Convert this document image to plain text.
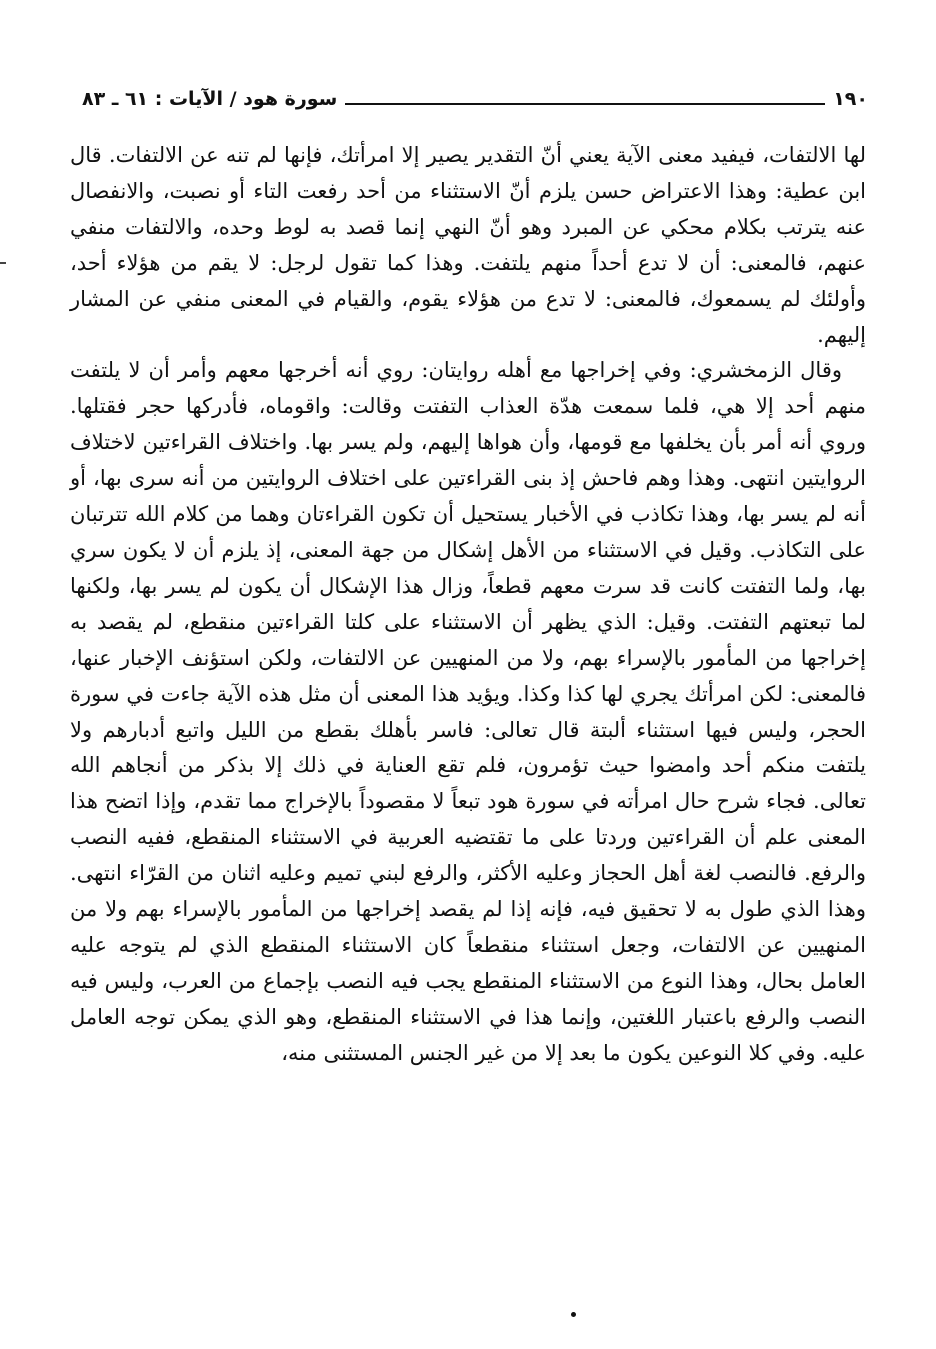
١٩٠
سورة هود / الآيات : ٦١ ـ ٨٣

لها الالتفات، فيفيد معنى الآية يعني أنّ التقدير يصير إلا امرأتك، فإنها لم تنه عن الالتفات. قال ابن عطية: وهذا الاعتراض حسن يلزم أنّ الاستثناء من أحد رفعت التاء أو نصبت، والانفصال عنه يترتب بكلام محكي عن المبرد وهو أنّ النهي إنما قصد به لوط وحده، والالتفات منفي عنهم، فالمعنى: أن لا تدع أحداً منهم يلتفت. وهذا كما تقول لرجل: لا يقم من هؤلاء أحد، وأولئك لم يسمعوك، فالمعنى: لا تدع من هؤلاء يقوم، والقيام في المعنى منفي عن المشار إليهم.

وقال الزمخشري: وفي إخراجها مع أهله روايتان: روي أنه أخرجها معهم وأمر أن لا يلتفت منهم أحد إلا هي، فلما سمعت هدّة العذاب التفتت وقالت: واقوماه، فأدركها حجر فقتلها. وروي أنه أمر بأن يخلفها مع قومها، وأن هواها إليهم، ولم يسر بها. واختلاف القراءتين لاختلاف الروايتين انتهى. وهذا وهم فاحش إذ بنى القراءتين على اختلاف الروايتين من أنه سرى بها، أو أنه لم يسر بها، وهذا تكاذب في الأخبار يستحيل أن تكون القراءتان وهما من كلام الله تترتبان على التكاذب. وقيل في الاستثناء من الأهل إشكال من جهة المعنى، إذ يلزم أن لا يكون سري بها، ولما التفتت كانت قد سرت معهم قطعاً، وزال هذا الإشكال أن يكون لم يسر بها، ولكنها لما تبعتهم التفتت. وقيل: الذي يظهر أن الاستثناء على كلتا القراءتين منقطع، لم يقصد به إخراجها من المأمور بالإسراء بهم، ولا من المنهيين عن الالتفات، ولكن استؤنف الإخبار عنها، فالمعنى: لكن امرأتك يجري لها كذا وكذا. ويؤيد هذا المعنى أن مثل هذه الآية جاءت في سورة الحجر، وليس فيها استثناء ألبتة قال تعالى: فاسر بأهلك بقطع من الليل واتبع أدبارهم ولا يلتفت منكم أحد وامضوا حيث تؤمرون، فلم تقع العناية في ذلك إلا بذكر من أنجاهم الله تعالى. فجاء شرح حال امرأته في سورة هود تبعاً لا مقصوداً بالإخراج مما تقدم، وإذا اتضح هذا المعنى علم أن القراءتين وردتا على ما تقتضيه العربية في الاستثناء المنقطع، ففيه النصب والرفع. فالنصب لغة أهل الحجاز وعليه الأكثر، والرفع لبني تميم وعليه اثنان من القرّاء انتهى. وهذا الذي طول به لا تحقيق فيه، فإنه إذا لم يقصد إخراجها من المأمور بالإسراء بهم ولا من المنهيين عن الالتفات، وجعل استثناء منقطعاً كان الاستثناء المنقطع الذي لم يتوجه عليه العامل بحال، وهذا النوع من الاستثناء المنقطع يجب فيه النصب بإجماع من العرب، وليس فيه النصب والرفع باعتبار اللغتين، وإنما هذا في الاستثناء المنقطع، وهو الذي يمكن توجه العامل عليه. وفي كلا النوعين يكون ما بعد إلا من غير الجنس المستثنى منه،
